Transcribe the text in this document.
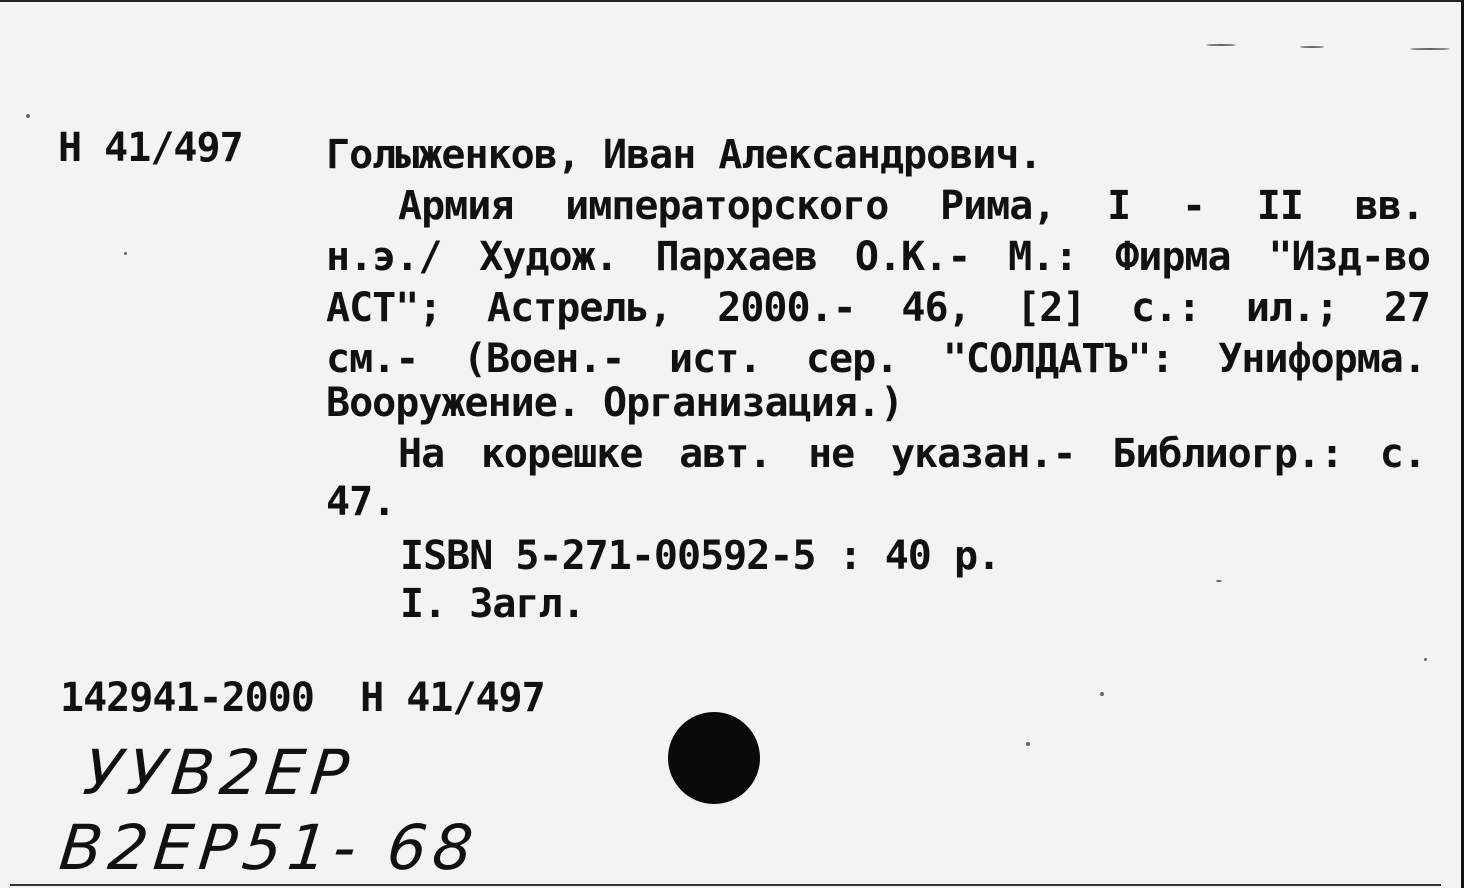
Н 41/497 Голыженков, Иван Александрович.
Армия императорского Рима, I - II вв.
н.э./ Худож. Пархаев О.К.- М.: Фирма "Изд-во
АСТ"; Астрель, 2000.- 46, [2] с.: ил.; 27
см.- (Воен.- ист. сер. "СОЛДАТЪ": Униформа.
Вооружение. Организация.)
На корешке авт. не указан.- Библиогр.: с.
47.
ISBN 5-271-00592-5 : 40 р.
I. Загл.
142941-2000  Н 41/497
УУВ2ЕР
В2ЕР51- 68
